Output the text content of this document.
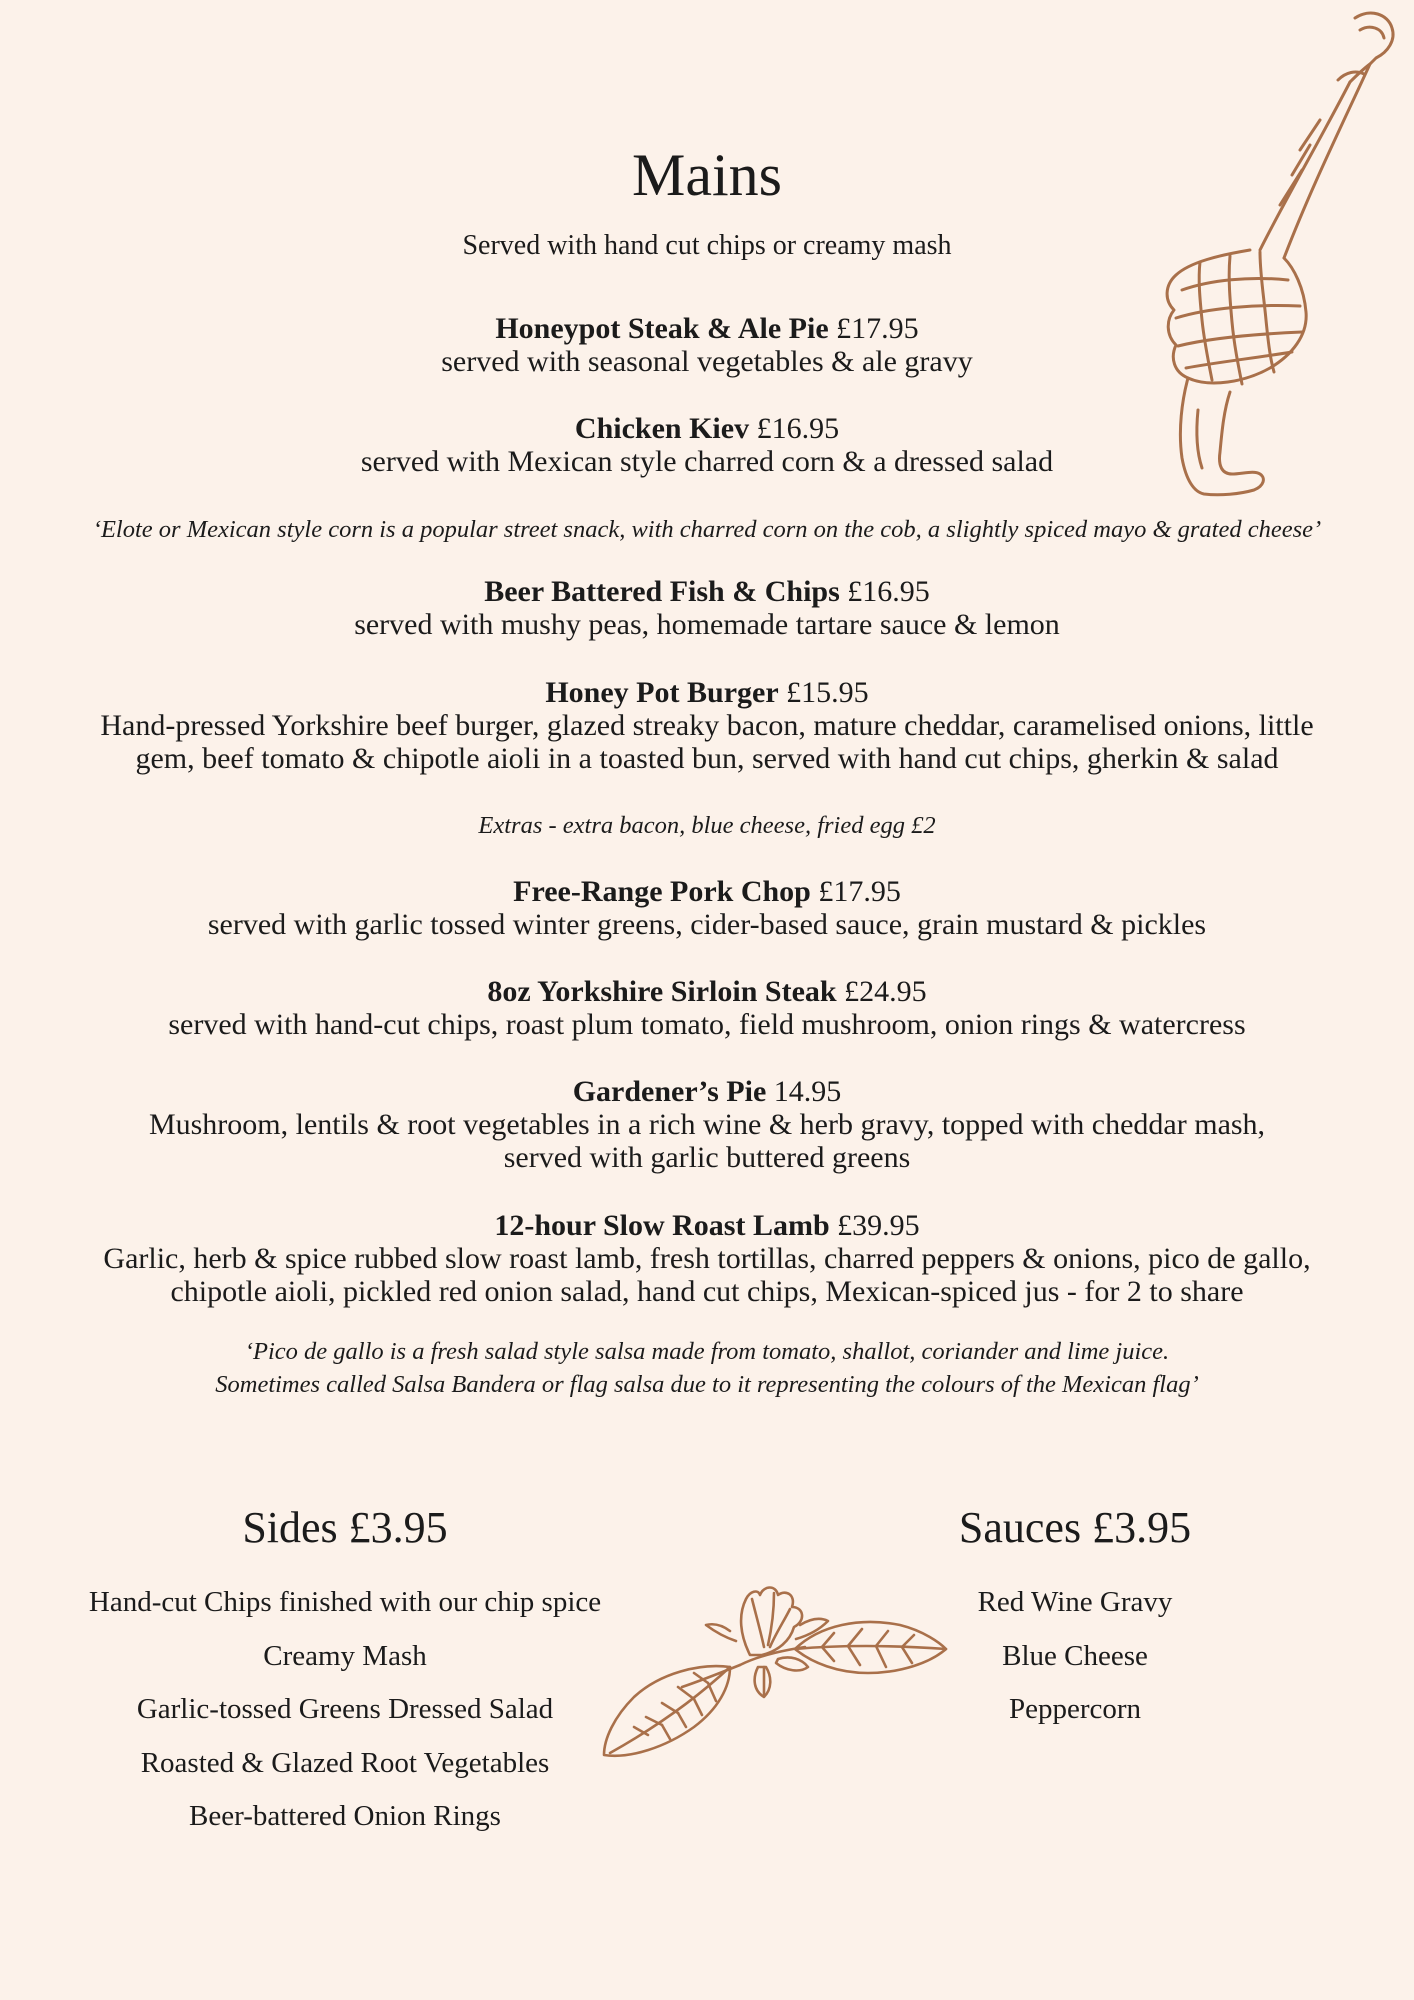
Mains
Served with hand cut chips or creamy mash
Honeypot Steak & Ale Pie £17.95
served with seasonal vegetables & ale gravy
Chicken Kiev £16.95
served with Mexican style charred corn & a dressed salad
‘Elote or Mexican style corn is a popular street snack, with charred corn on the cob, a slightly spiced mayo & grated cheese’
Beer Battered Fish & Chips £16.95
served with mushy peas, homemade tartare sauce & lemon
Honey Pot Burger £15.95
Hand-pressed Yorkshire beef burger, glazed streaky bacon, mature cheddar, caramelised onions, little
gem, beef tomato & chipotle aioli in a toasted bun, served with hand cut chips, gherkin & salad
Extras - extra bacon, blue cheese, fried egg £2
Free-Range Pork Chop £17.95
served with garlic tossed winter greens, cider-based sauce, grain mustard & pickles
8oz Yorkshire Sirloin Steak £24.95
served with hand-cut chips, roast plum tomato, field mushroom, onion rings & watercress
Gardener’s Pie 14.95
Mushroom, lentils & root vegetables in a rich wine & herb gravy, topped with cheddar mash,
served with garlic buttered greens
12-hour Slow Roast Lamb £39.95
Garlic, herb & spice rubbed slow roast lamb, fresh tortillas, charred peppers & onions, pico de gallo,
chipotle aioli, pickled red onion salad, hand cut chips, Mexican-spiced jus - for 2 to share
‘Pico de gallo is a fresh salad style salsa made from tomato, shallot, coriander and lime juice.
Sometimes called Salsa Bandera or flag salsa due to it representing the colours of the Mexican flag’
Sides £3.95
Hand-cut Chips finished with our chip spice
Creamy Mash
Garlic-tossed Greens Dressed Salad
Roasted & Glazed Root Vegetables
Beer-battered Onion Rings
Sauces £3.95
Red Wine Gravy
Blue Cheese
Peppercorn
